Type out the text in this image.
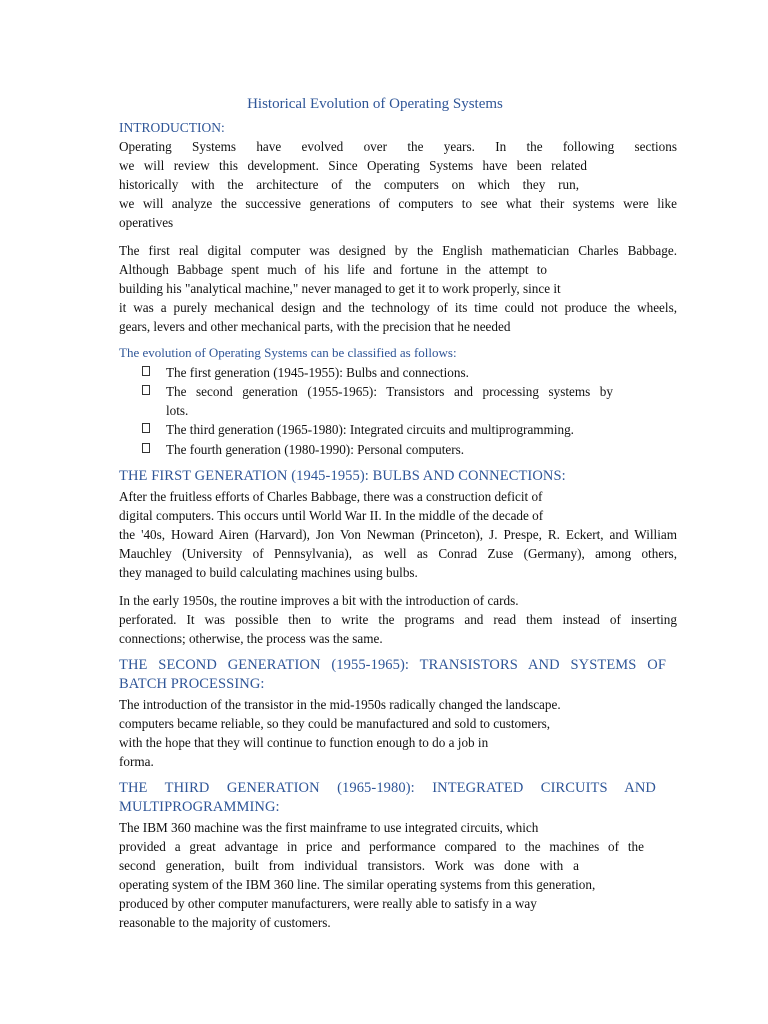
Historical Evolution of Operating Systems
INTRODUCTION:

Operating Systems have evolved over the years. In the following sections

we will review this development. Since Operating Systems have been related

historically with the architecture of the computers on which they run,

we will analyze the successive generations of computers to see what their systems were like

operatives

The first real digital computer was designed by the English mathematician Charles Babbage.

Although Babbage spent much of his life and fortune in the attempt to

building his "analytical machine," never managed to get it to work properly, since it

it was a purely mechanical design and the technology of its time could not produce the wheels,

gears, levers and other mechanical parts, with the precision that he needed

The evolution of Operating Systems can be classified as follows:
The first generation (1945-1955): Bulbs and connections.
The second generation (1955-1965): Transistors and processing systems by
lots.
The third generation (1965-1980): Integrated circuits and multiprogramming.
The fourth generation (1980-1990): Personal computers.
THE FIRST GENERATION (1945-1955): BULBS AND CONNECTIONS:

After the fruitless efforts of Charles Babbage, there was a construction deficit of

digital computers. This occurs until World War II. In the middle of the decade of

the '40s, Howard Airen (Harvard), Jon Von Newman (Princeton), J. Prespe, R. Eckert, and William

Mauchley (University of Pennsylvania), as well as Conrad Zuse (Germany), among others,

they managed to build calculating machines using bulbs.

In the early 1950s, the routine improves a bit with the introduction of cards.

perforated. It was possible then to write the programs and read them instead of inserting

connections; otherwise, the process was the same.

THE SECOND GENERATION (1955-1965): TRANSISTORS AND SYSTEMS OF
BATCH PROCESSING:

The introduction of the transistor in the mid-1950s radically changed the landscape.

computers became reliable, so they could be manufactured and sold to customers,

with the hope that they will continue to function enough to do a job in

forma.

THE THIRD GENERATION (1965-1980): INTEGRATED CIRCUITS AND
MULTIPROGRAMMING:

The IBM 360 machine was the first mainframe to use integrated circuits, which

provided a great advantage in price and performance compared to the machines of the

second generation, built from individual transistors. Work was done with a

operating system of the IBM 360 line. The similar operating systems from this generation,

produced by other computer manufacturers, were really able to satisfy in a way

reasonable to the majority of customers.
